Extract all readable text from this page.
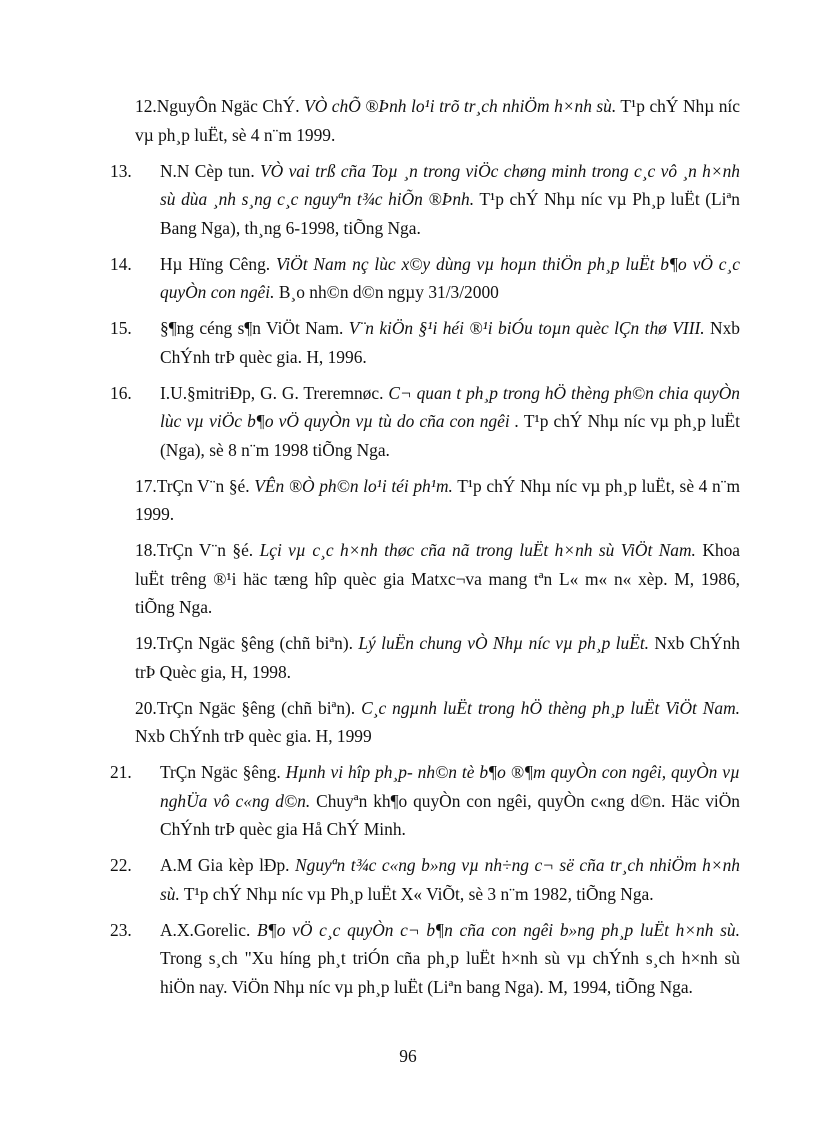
12.NguyÔn Ngäc ChÝ. VÒ chÕ ®Þnh lo¹i trõ tr¸ch nhiÖm h×nh sù. T¹p chÝ Nhµ níc vµ ph¸p luËt, sè 4 n¨m 1999.
13. N.N Cèp tun. VÒ vai trß cña Toµ ¸n trong viÖc chøng minh trong c¸c vô ¸n h×nh sù dùa ¸nh s¸ng c¸c nguyªn t¾c hiÕn ®Þnh. T¹p chÝ Nhµ níc vµ Ph¸p luËt (Liªn Bang Nga), th¸ng 6-1998, tiÕng Nga.
14. Hµ Hïng Cêng. ViÖt Nam nç lùc x©y dùng vµ hoµn thiÖn ph¸p luËt b¶o vÖ c¸c quyÒn con ngêi. B¸o nh©n d©n ngµy 31/3/2000
15. §¶ng céng s¶n ViÖt Nam. V¨n kiÖn §¹i héi ®¹i biÓu toµn quèc lÇn thø VIII. Nxb ChÝnh trÞ quèc gia. H, 1996.
16. I.U.§mitriÐp, G. G. Treremnøc. C¬ quan t ph¸p trong hÖ thèng ph©n chia quyÒn lùc vµ viÖc b¶o vÖ quyÒn vµ tù do cña con ngêi . T¹p chÝ Nhµ níc vµ ph¸p luËt (Nga), sè 8 n¨m 1998 tiÕng Nga.
17.TrÇn V¨n §é. VÊn ®Ò ph©n lo¹i téi ph¹m. T¹p chÝ Nhµ níc vµ ph¸p luËt, sè 4 n¨m 1999.
18.TrÇn V¨n §é. Lçi vµ c¸c h×nh thøc cña nã trong luËt h×nh sù ViÖt Nam. Khoa luËt trêng ®¹i häc tæng hîp quèc gia Matxc¬va mang tªn L« m« n« xèp. M, 1986, tiÕng Nga.
19.TrÇn Ngäc §êng (chñ biªn). Lý luËn chung vÒ Nhµ níc vµ ph¸p luËt. Nxb ChÝnh trÞ Quèc gia, H, 1998.
20.TrÇn Ngäc §êng (chñ biªn). C¸c ngµnh luËt trong hÖ thèng ph¸p luËt ViÖt Nam. Nxb ChÝnh trÞ quèc gia. H, 1999
21. TrÇn Ngäc §êng. Hµnh vi hîp ph¸p- nh©n tè b¶o ®¶m quyÒn con ngêi, quyÒn vµ nghÜa vô c«ng d©n. Chuyªn kh¶o quyÒn con ngêi, quyÒn c«ng d©n. Häc viÖn ChÝnh trÞ quèc gia Hå ChÝ Minh.
22. A.M Gia kèp lÐp. Nguyªn t¾c c«ng b»ng vµ nh÷ng c¬ së cña tr¸ch nhiÖm h×nh sù. T¹p chÝ Nhµ níc vµ Ph¸p luËt X« ViÕt, sè 3 n¨m 1982, tiÕng Nga.
23. A.X.Gorelic. B¶o vÖ c¸c quyÒn c¬ b¶n cña con ngêi b»ng ph¸p luËt h×nh sù. Trong s¸ch "Xu híng ph¸t triÓn cña ph¸p luËt h×nh sù vµ chÝnh s¸ch h×nh sù hiÖn nay. ViÖn Nhµ níc vµ ph¸p luËt (Liªn bang Nga). M, 1994, tiÕng Nga.
96
